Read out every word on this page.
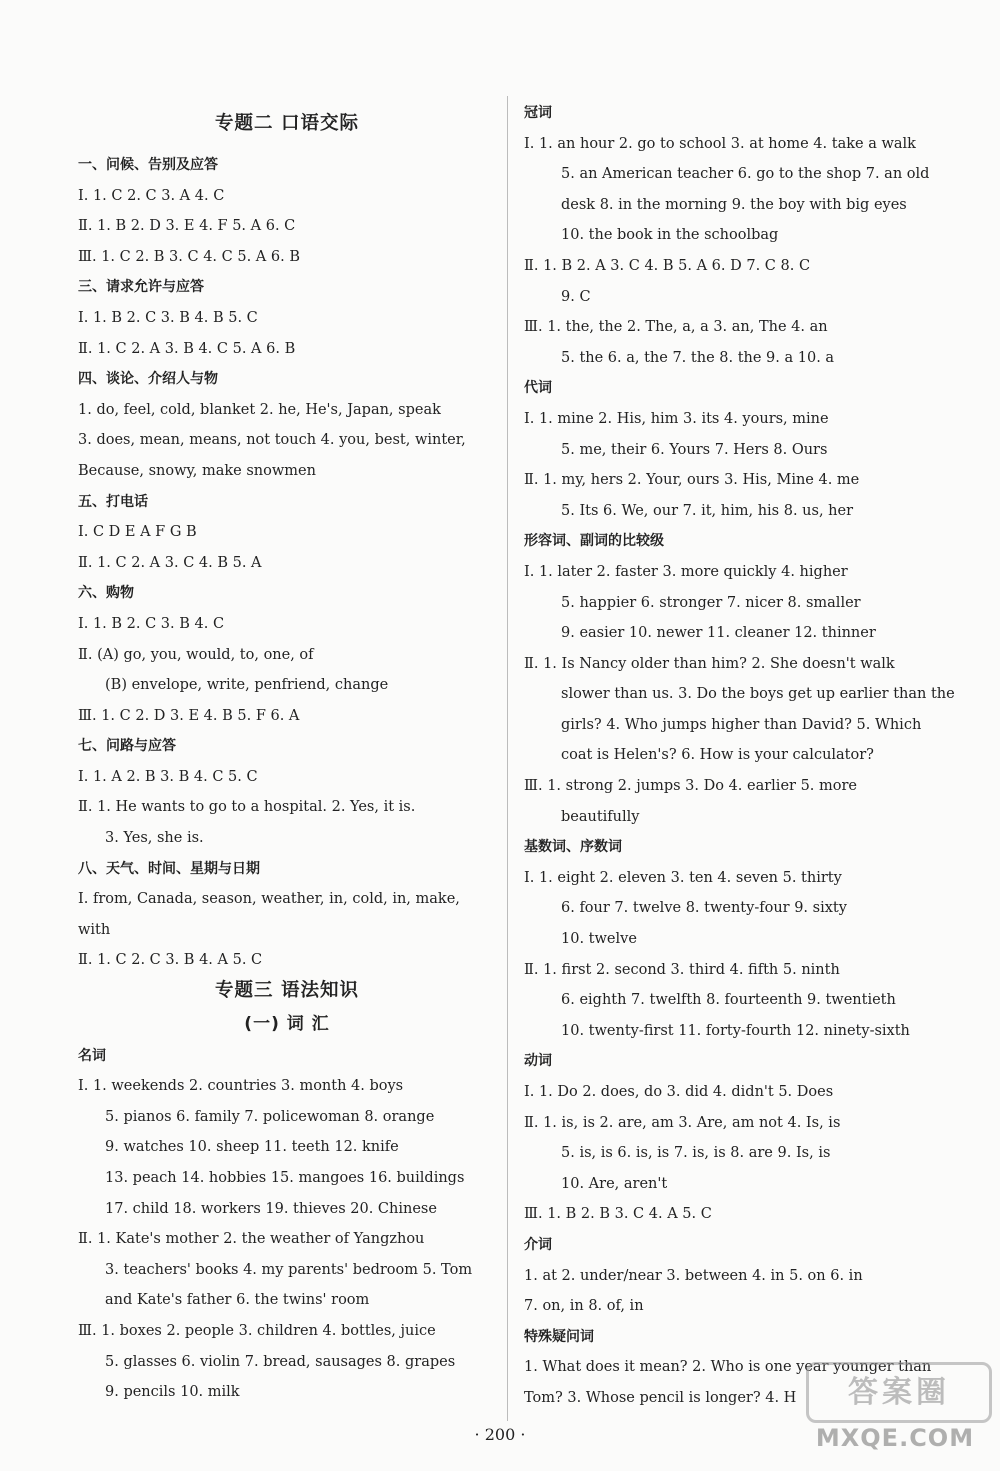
专题二 口语交际
一、问候、告别及应答
Ⅰ. 1. C 2. C 3. A 4. C
Ⅱ. 1. B 2. D 3. E 4. F 5. A 6. C
Ⅲ. 1. C 2. B 3. C 4. C 5. A 6. B
三、请求允许与应答
Ⅰ. 1. B 2. C 3. B 4. B 5. C
Ⅱ. 1. C 2. A 3. B 4. C 5. A 6. B
四、谈论、介绍人与物
1. do, feel, cold, blanket 2. he, He's, Japan, speak
3. does, mean, means, not touch 4. you, best, winter,
Because, snowy, make snowmen
五、打电话
Ⅰ. C D E A F G B
Ⅱ. 1. C 2. A 3. C 4. B 5. A
六、购物
Ⅰ. 1. B 2. C 3. B 4. C
Ⅱ. (A) go, you, would, to, one, of
(B) envelope, write, penfriend, change
Ⅲ. 1. C 2. D 3. E 4. B 5. F 6. A
七、问路与应答
Ⅰ. 1. A 2. B 3. B 4. C 5. C
Ⅱ. 1. He wants to go to a hospital. 2. Yes, it is.
3. Yes, she is.
八、天气、时间、星期与日期
Ⅰ. from, Canada, season, weather, in, cold, in, make,
with
Ⅱ. 1. C 2. C 3. B 4. A 5. C
专题三 语法知识
(一) 词 汇
名词
Ⅰ. 1. weekends 2. countries 3. month 4. boys
5. pianos 6. family 7. policewoman 8. orange
9. watches 10. sheep 11. teeth 12. knife
13. peach 14. hobbies 15. mangoes 16. buildings
17. child 18. workers 19. thieves 20. Chinese
Ⅱ. 1. Kate's mother 2. the weather of Yangzhou
3. teachers' books 4. my parents' bedroom 5. Tom
and Kate's father 6. the twins' room
Ⅲ. 1. boxes 2. people 3. children 4. bottles, juice
5. glasses 6. violin 7. bread, sausages 8. grapes
9. pencils 10. milk
冠词
Ⅰ. 1. an hour 2. go to school 3. at home 4. take a walk
5. an American teacher 6. go to the shop 7. an old
desk 8. in the morning 9. the boy with big eyes
10. the book in the schoolbag
Ⅱ. 1. B 2. A 3. C 4. B 5. A 6. D 7. C 8. C
9. C
Ⅲ. 1. the, the 2. The, a, a 3. an, The 4. an
5. the 6. a, the 7. the 8. the 9. a 10. a
代词
Ⅰ. 1. mine 2. His, him 3. its 4. yours, mine
5. me, their 6. Yours 7. Hers 8. Ours
Ⅱ. 1. my, hers 2. Your, ours 3. His, Mine 4. me
5. Its 6. We, our 7. it, him, his 8. us, her
形容词、副词的比较级
Ⅰ. 1. later 2. faster 3. more quickly 4. higher
5. happier 6. stronger 7. nicer 8. smaller
9. easier 10. newer 11. cleaner 12. thinner
Ⅱ. 1. Is Nancy older than him? 2. She doesn't walk
slower than us. 3. Do the boys get up earlier than the
girls? 4. Who jumps higher than David? 5. Which
coat is Helen's? 6. How is your calculator?
Ⅲ. 1. strong 2. jumps 3. Do 4. earlier 5. more
beautifully
基数词、序数词
Ⅰ. 1. eight 2. eleven 3. ten 4. seven 5. thirty
6. four 7. twelve 8. twenty-four 9. sixty
10. twelve
Ⅱ. 1. first 2. second 3. third 4. fifth 5. ninth
6. eighth 7. twelfth 8. fourteenth 9. twentieth
10. twenty-first 11. forty-fourth 12. ninety-sixth
动词
Ⅰ. 1. Do 2. does, do 3. did 4. didn't 5. Does
Ⅱ. 1. is, is 2. are, am 3. Are, am not 4. Is, is
5. is, is 6. is, is 7. is, is 8. are 9. Is, is
10. Are, aren't
Ⅲ. 1. B 2. B 3. C 4. A 5. C
介词
1. at 2. under/near 3. between 4. in 5. on 6. in
7. on, in 8. of, in
特殊疑问词
1. What does it mean? 2. Who is one year younger than
Tom? 3. Whose pencil is longer? 4. H
· 200 ·
答案圈
MXQE.COM
